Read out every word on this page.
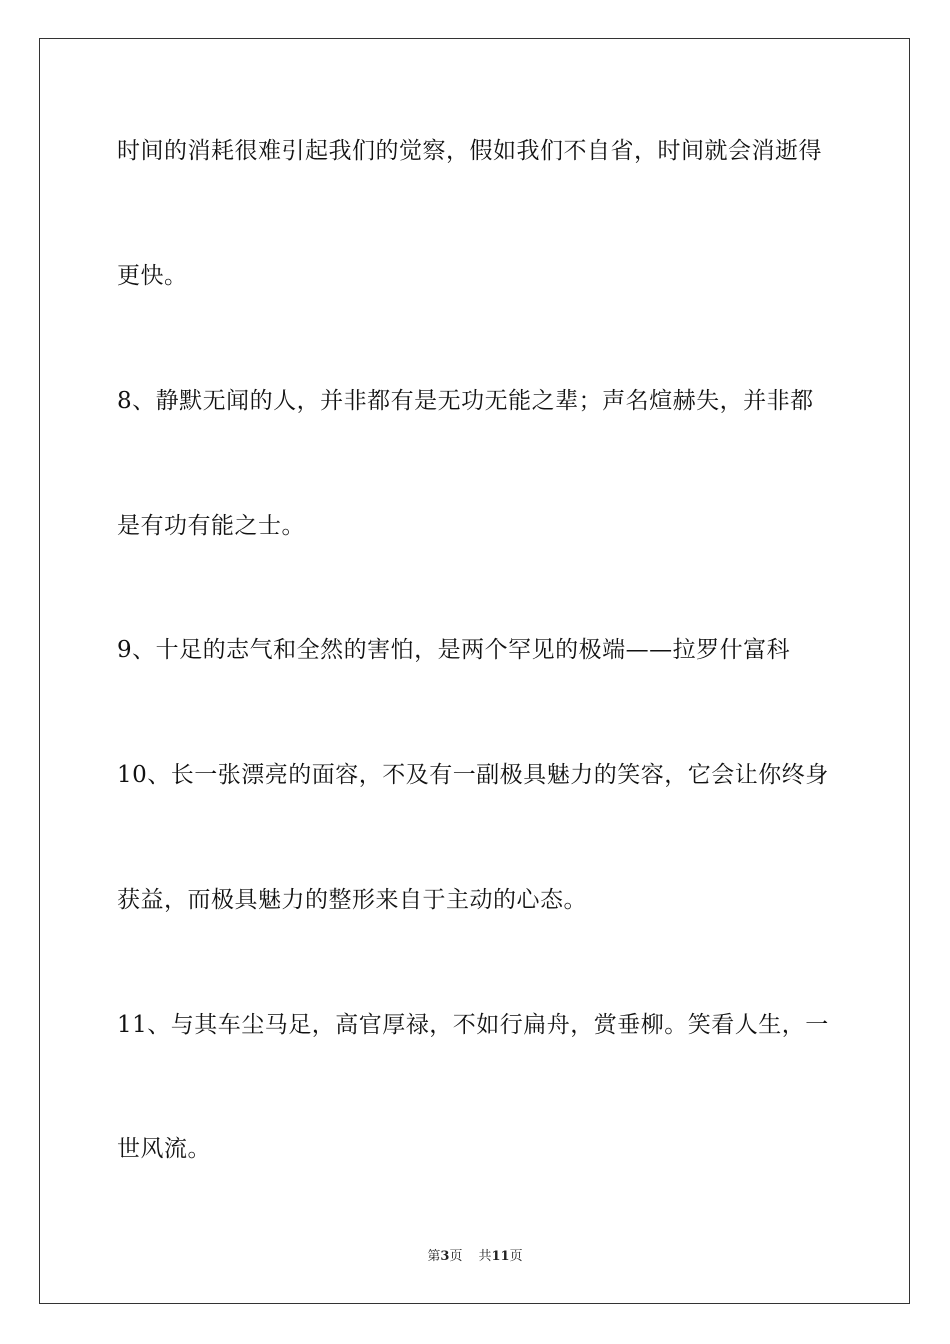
时间的消耗很难引起我们的觉察，假如我们不自省，时间就会消逝得

更快。

8、静默无闻的人，并非都有是无功无能之辈；声名煊赫失，并非都

是有功有能之士。

9、十足的志气和全然的害怕，是两个罕见的极端——拉罗什富科

10、长一张漂亮的面容，不及有一副极具魅力的笑容，它会让你终身

获益，而极具魅力的整形来自于主动的心态。

11、与其车尘马足，高官厚禄，不如行扁舟，赏垂柳。笑看人生，一

世风流。

第3页 共11页
